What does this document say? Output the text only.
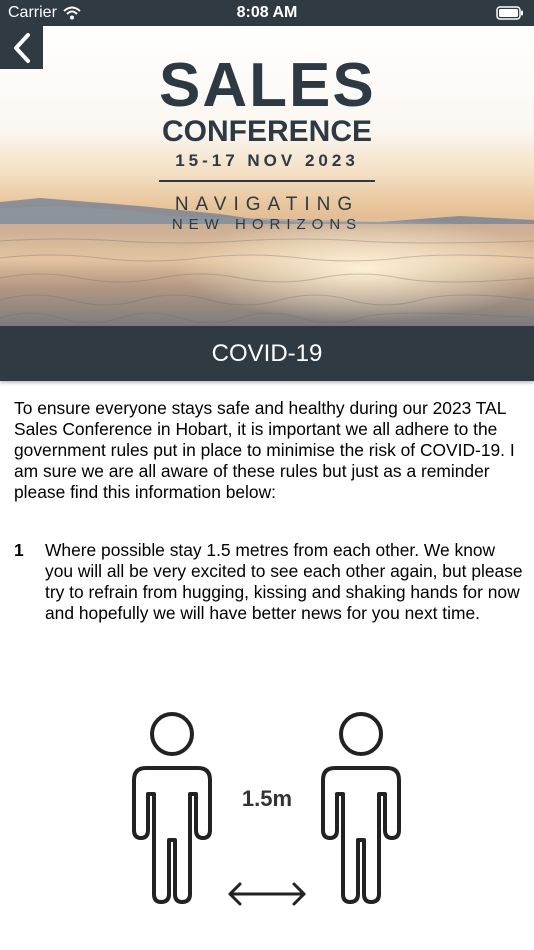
Carrier	8:08 AM
SALES
CONFERENCE
15-17 NOV 2023
NAVIGATING
NEW HORIZONS
COVID-19
To ensure everyone stays safe and healthy during our 2023 TAL Sales Conference in Hobart, it is important we all adhere to the government rules put in place to minimise the risk of COVID-19. I am sure we are all aware of these rules but just as a reminder please find this information below:
1	Where possible stay 1.5 metres from each other. We know you will all be very excited to see each other again, but please try to refrain from hugging, kissing and shaking hands for now and hopefully we will have better news for you next time.
1.5m
